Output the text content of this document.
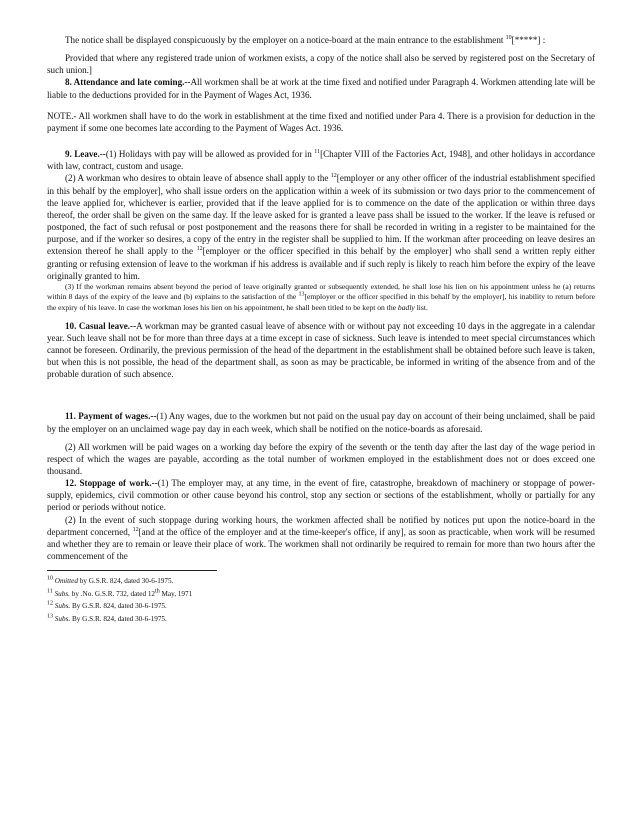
The notice shall be displayed conspicuously by the employer on a notice-board at the main entrance to the establishment $^{10}$[*****] :

Provided that where any registered trade union of workmen exists, a copy of the notice shall also be served by registered post on the Secretary of such union.]

8. Attendance and late coming.--All workmen shall be at work at the time fixed and notified under Paragraph 4. Workmen attending late will be liable to the deductions provided for in the Payment of Wages Act, 1936.

NOTE.- All workmen shall have to do the work in establishment at the time fixed and notified under Para 4. There is a provision for deduction in the payment if some one becomes late according to the Payment of Wages Act. 1936.

9. Leave.--(1) Holidays with pay will be allowed as provided for in $^{11}$[Chapter VIII of the Factories Act, 1948], and other holidays in accordance with law, contract, custom and usage.

(2) A workman who desires to obtain leave of absence shall apply to the $^{12}$[employer or any other officer of the industrial establishment specified in this behalf by the employer], who shall issue orders on the application within a week of its submission or two days prior to the commencement of the leave applied for, whichever is earlier, provided that if the leave applied for is to commence on the date of the application or within three days thereof, the order shall be given on the same day. If the leave asked for is granted a leave pass shall be issued to the worker. If the leave is refused or postponed, the fact of such refusal or post postponement and the reasons there for shall be recorded in writing in a register to be maintained for the purpose, and if the worker so desires, a copy of the entry in the register shall be supplied to him. If the workman after proceeding on leave desires an extension thereof he shall apply to the $^{12}$[employer or the officer specified in this behalf by the employer] who shall send a written reply either granting or refusing extension of leave to the workman if his address is available and if such reply is likely to reach him before the expiry of the leave originally granted to him.

(3) If the workman remains absent beyond the period of leave originally granted or subsequently extended, he shall lose his lien on his appointment unless he (a) returns within 8 days of the expiry of the leave and (b) explains to the satisfaction of the $^{13}$[employer or the officer specified in this behalf by the employer], his inability to return before the expiry of his leave. In case the workman loses his lien on his appointment, he shall been titled to be kept on the badly list.

10. Casual leave.--A workman may be granted casual leave of absence with or without pay not exceeding 10 days in the aggregate in a calendar year. Such leave shall not be for more than three days at a time except in case of sickness. Such leave is intended to meet special circumstances which cannot be foreseen. Ordinarily, the previous permission of the head of the department in the establishment shall be obtained before such leave is taken, but when this is not possible, the head of the department shall, as soon as may be practicable, be informed in writing of the absence from and of the probable duration of such absence.

11. Payment of wages.--(1) Any wages, due to the workmen but not paid on the usual pay day on account of their being unclaimed, shall be paid by the employer on an unclaimed wage pay day in each week, which shall be notified on the notice-boards as aforesaid.

(2) All workmen will be paid wages on a working day before the expiry of the seventh or the tenth day after the last day of the wage period in respect of which the wages are payable, according as the total number of workmen employed in the establishment does not or does exceed one thousand.

12. Stoppage of work.--(1) The employer may, at any time, in the event of fire, catastrophe, breakdown of machinery or stoppage of power-supply, epidemics, civil commotion or other cause beyond his control, stop any section or sections of the establishment, wholly or partially for any period or periods without notice.

(2) In the event of such stoppage during working hours, the workmen affected shall be notified by notices put upon the notice-board in the department concerned, $^{12}$[and at the office of the employer and at the time-keeper's office, if any], as soon as practicable, when work will be resumed and whether they are to remain or leave their place of work. The workmen shall not ordinarily be required to remain for more than two hours after the commencement of the

$^{10}$ Omitted by G.S.R. 824, dated 30-6-1975.
$^{11}$ Subs. by .No. G.S.R. 732, dated 12th May, 1971
$^{12}$ Subs. By G.S.R. 824, dated 30-6-1975.
$^{13}$ Subs. By G.S.R. 824, dated 30-6-1975.
